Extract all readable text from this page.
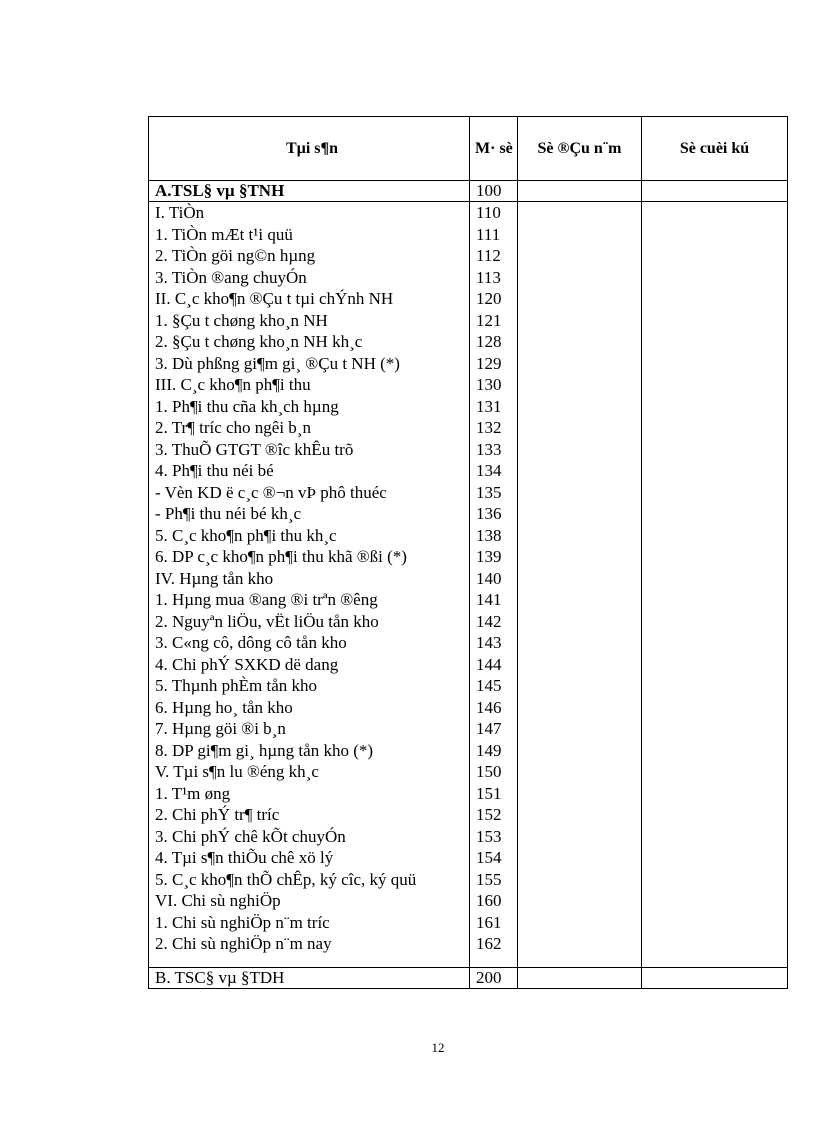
Tµi s¶n	M· sè	Sè ®Çu n¨m	Sè cuèi kú
A.TSL§ vµ §TNH	100		
I. TiÒn	110		
1. TiÒn mÆt t¹i quü	111		
2. TiÒn göi ng©n hµng	112		
3. TiÒn ®ang chuyÓn	113		
II. C¸c kho¶n ®Çu t tµi chÝnh NH	120		
1. §Çu t chøng kho¸n NH	121		
2. §Çu t chøng kho¸n NH kh¸c	128		
3. Dù phßng gi¶m gi¸ ®Çu t NH (*)	129		
III. C¸c kho¶n ph¶i thu	130		
1. Ph¶i thu cña kh¸ch hµng	131		
2. Tr¶ tríc cho ngêi b¸n	132		
3. ThuÕ GTGT ®îc khÊu trõ	133		
4. Ph¶i thu néi bé	134		
- Vèn KD ë c¸c ®¬n vÞ phô thuéc	135		
- Ph¶i thu néi bé kh¸c	136		
5. C¸c kho¶n ph¶i thu kh¸c	138		
6. DP c¸c kho¶n ph¶i thu khã ®ßi (*)	139		
IV. Hµng tån kho	140		
1. Hµng mua ®ang ®i trªn ®êng	141		
2. Nguyªn liÖu, vËt liÖu tån kho	142		
3. C«ng cô, dông cô tån kho	143		
4. Chi phÝ SXKD dë dang	144		
5. Thµnh phÈm tån kho	145		
6. Hµng ho¸ tån kho	146		
7. Hµng göi ®i b¸n	147		
8. DP gi¶m gi¸ hµng tån kho (*)	149		
V. Tµi s¶n lu ®éng kh¸c	150		
1. T¹m øng	151		
2. Chi phÝ tr¶ tríc	152		
3. Chi phÝ chê kÕt chuyÓn	153		
4. Tµi s¶n thiÕu chê xö lý	154		
5. C¸c kho¶n thÕ chÊp, ký cîc, ký quü	155		
VI. Chi sù nghiÖp	160		
1. Chi sù nghiÖp n¨m tríc	161		
2. Chi sù nghiÖp n¨m nay	162		

B. TSC§ vµ §TDH	200		
12
